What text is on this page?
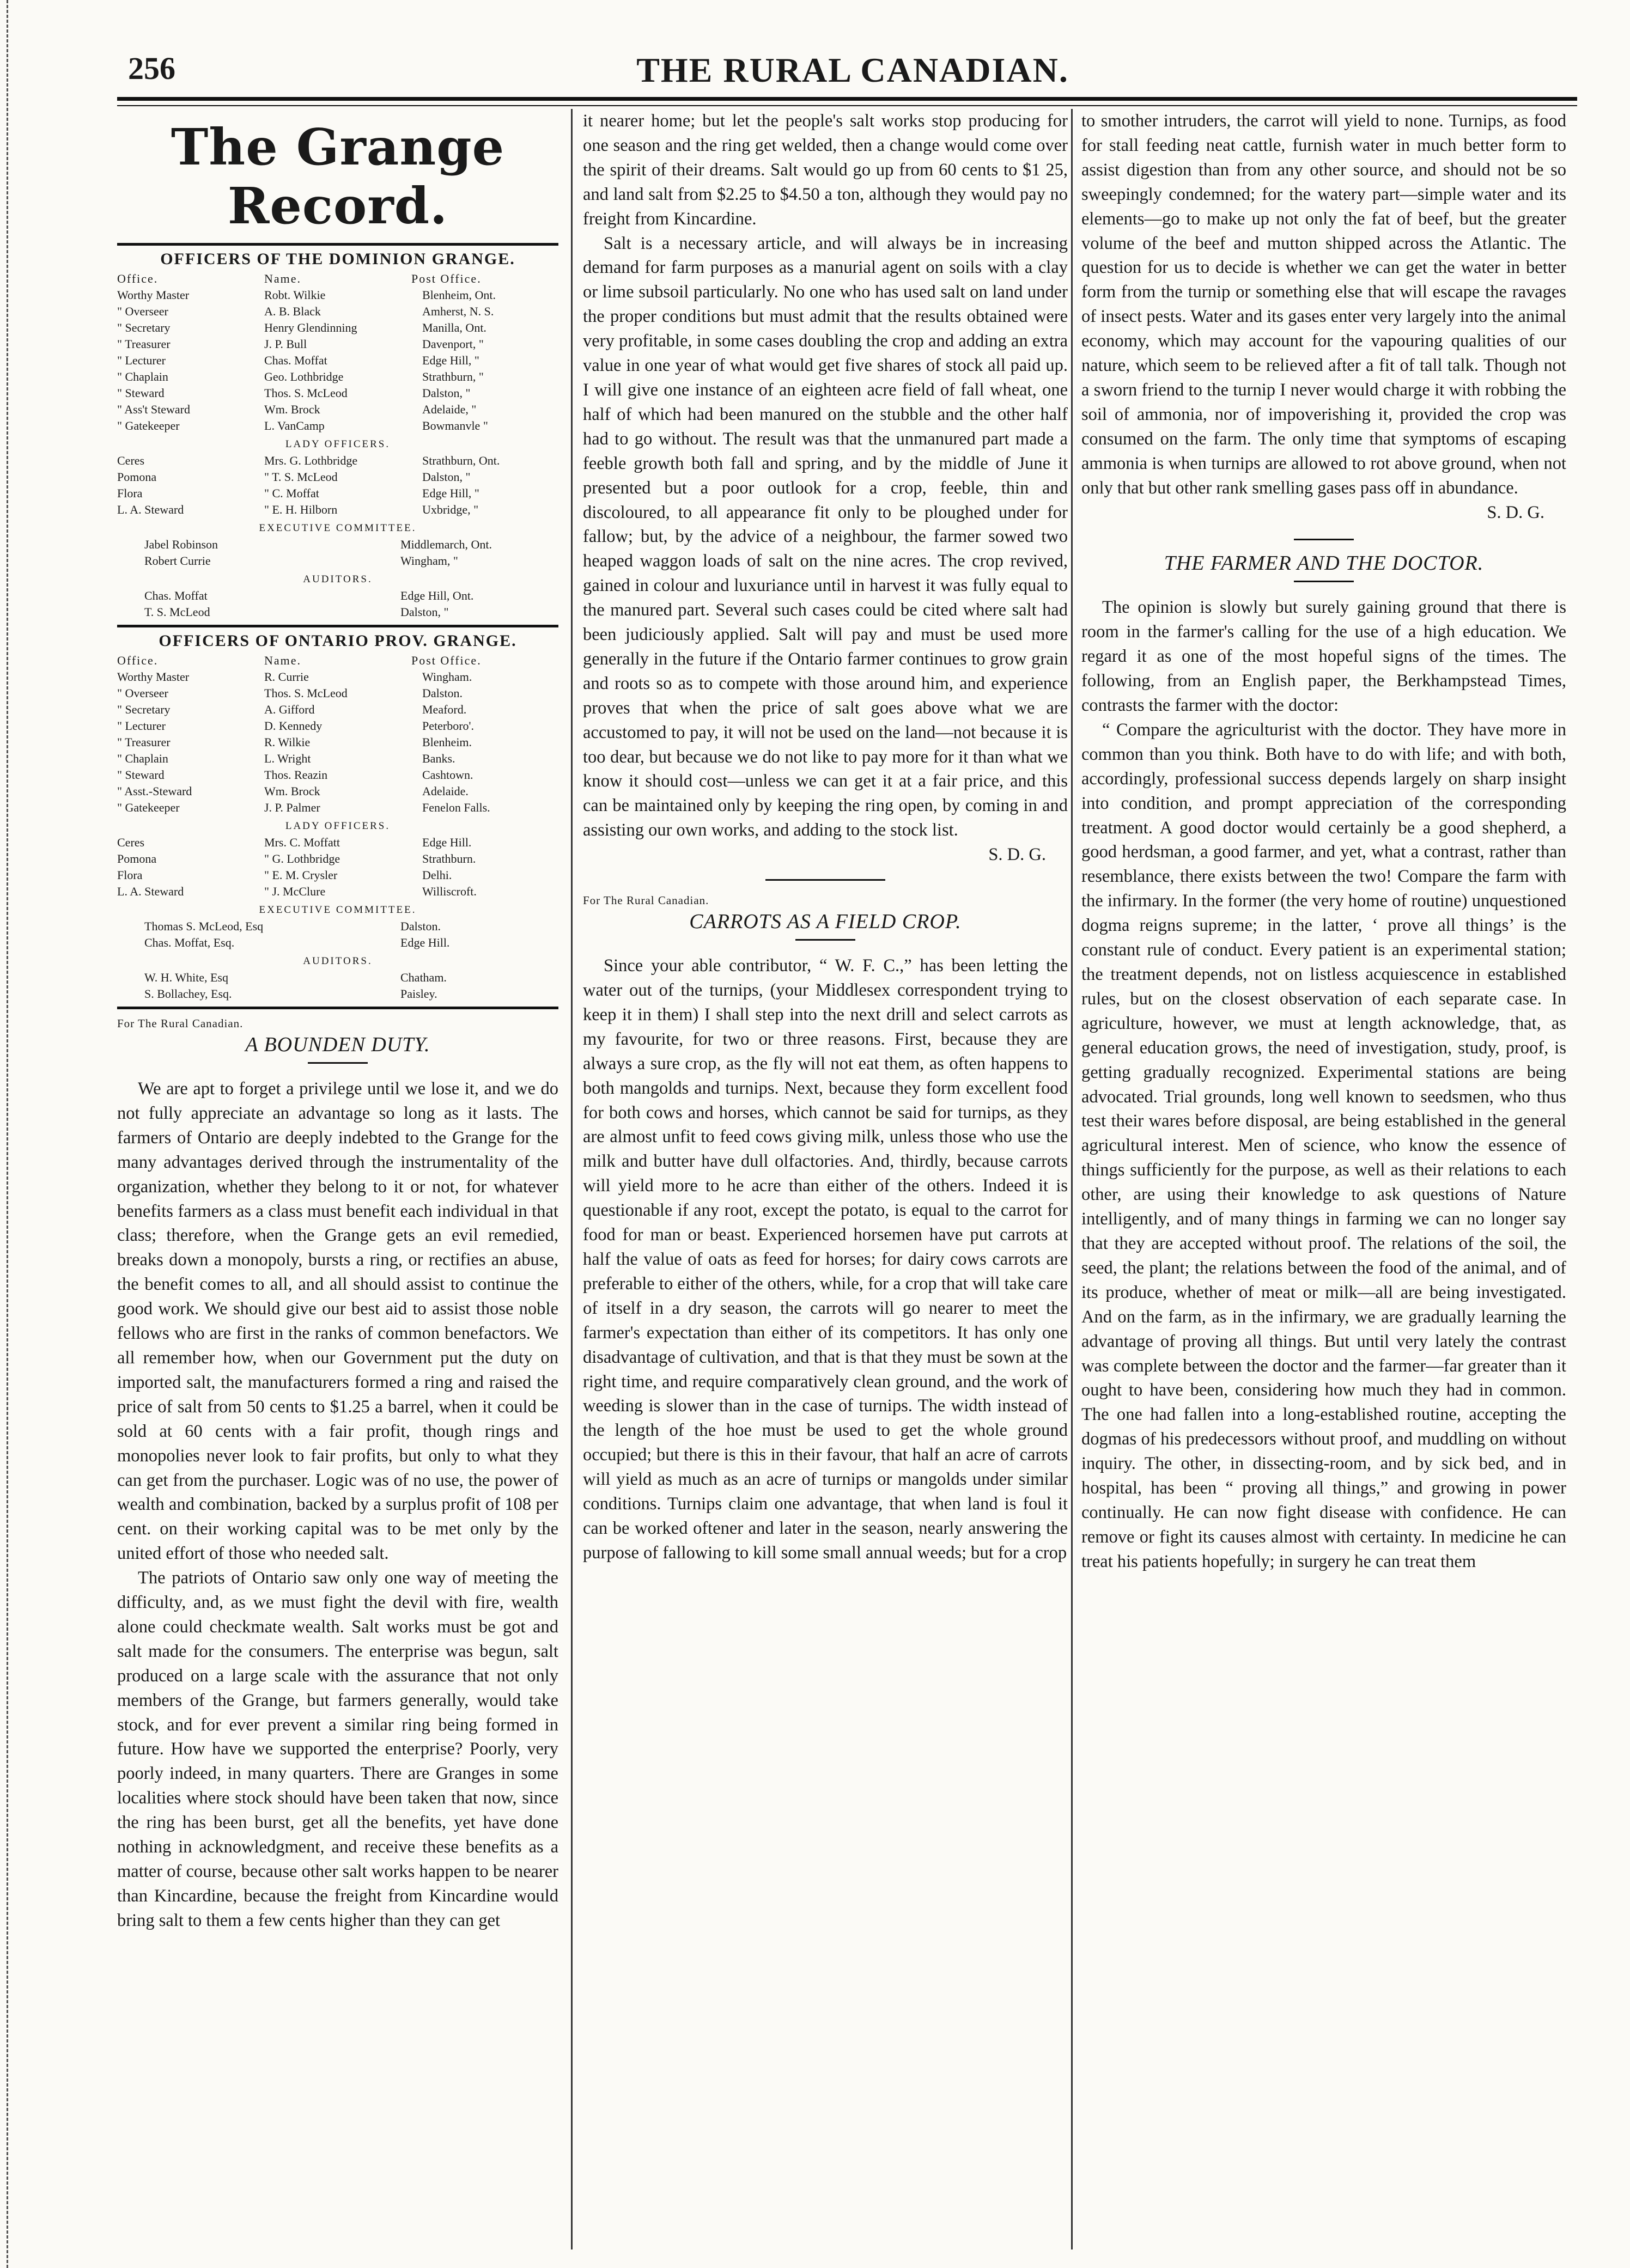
256	THE RURAL CANADIAN.
The Grange Record.
OFFICERS OF THE DOMINION GRANGE.
Office.	Name.	Post Office.
Worthy Master	Robt. Wilkie	Blenheim, Ont.
" Overseer	A. B. Black	Amherst, N. S.
" Secretary	Henry Glendinning	Manilla, Ont.
" Treasurer	J. P. Bull	Davenport, "
" Lecturer	Chas. Moffat	Edge Hill, "
" Chaplain	Geo. Lothbridge	Strathburn, "
" Steward	Thos. S. McLeod	Dalston, "
" Ass't Steward	Wm. Brock	Adelaide, "
" Gatekeeper	L. VanCamp	Bowmanvle "
LADY OFFICERS.
Ceres	Mrs. G. Lothbridge	Strathburn, Ont.
Pomona	" T. S. McLeod	Dalston, "
Flora	" C. Moffat	Edge Hill, "
L. A. Steward	" E. H. Hilborn	Uxbridge, "
EXECUTIVE COMMITTEE.
Jabel Robinson	Middlemarch, Ont.
Robert Currie	Wingham, "
AUDITORS.
Chas. Moffat	Edge Hill, Ont.
T. S. McLeod	Dalston, "
OFFICERS OF ONTARIO PROV. GRANGE.
Office.	Name.	Post Office.
Worthy Master	R. Currie	Wingham.
" Overseer	Thos. S. McLeod	Dalston.
" Secretary	A. Gifford	Meaford.
" Lecturer	D. Kennedy	Peterboro'.
" Treasurer	R. Wilkie	Blenheim.
" Chaplain	L. Wright	Banks.
" Steward	Thos. Reazin	Cashtown.
" Asst.-Steward	Wm. Brock	Adelaide.
" Gatekeeper	J. P. Palmer	Fenelon Falls.
LADY OFFICERS.
Ceres	Mrs. C. Moffatt	Edge Hill.
Pomona	" G. Lothbridge	Strathburn.
Flora	" E. M. Crysler	Delhi.
L. A. Steward	" J. McClure	Williscroft.
EXECUTIVE COMMITTEE.
Thomas S. McLeod, Esq	Dalston.
Chas. Moffat, Esq.	Edge Hill.
AUDITORS.
W. H. White, Esq	Chatham.
S. Bollachey, Esq.	Paisley.
For The Rural Canadian.
A BOUNDEN DUTY.

We are apt to forget a privilege until we lose it, and we do not fully appreciate an advantage so long as it lasts. The farmers of Ontario are deeply indebted to the Grange for the many advantages derived through the instrumentality of the organization, whether they belong to it or not, for whatever benefits farmers as a class must benefit each individual in that class; therefore, when the Grange gets an evil remedied, breaks down a monopoly, bursts a ring, or rectifies an abuse, the benefit comes to all, and all should assist to continue the good work. We should give our best aid to assist those noble fellows who are first in the ranks of common benefactors. We all remember how, when our Government put the duty on imported salt, the manufacturers formed a ring and raised the price of salt from 50 cents to $1.25 a barrel, when it could be sold at 60 cents with a fair profit, though rings and monopolies never look to fair profits, but only to what they can get from the purchaser. Logic was of no use, the power of wealth and combination, backed by a surplus profit of 108 per cent. on their working capital was to be met only by the united effort of those who needed salt.

The patriots of Ontario saw only one way of meeting the difficulty, and, as we must fight the devil with fire, wealth alone could checkmate wealth. Salt works must be got and salt made for the consumers. The enterprise was begun, salt produced on a large scale with the assurance that not only members of the Grange, but farmers generally, would take stock, and for ever prevent a similar ring being formed in future. How have we supported the enterprise? Poorly, very poorly indeed, in many quarters. There are Granges in some localities where stock should have been taken that now, since the ring has been burst, get all the benefits, yet have done nothing in acknowledgment, and receive these benefits as a matter of course, because other salt works happen to be nearer than Kincardine, because the freight from Kincardine would bring salt to them a few cents higher than they can get

it nearer home; but let the people's salt works stop producing for one season and the ring get welded, then a change would come over the spirit of their dreams. Salt would go up from 60 cents to $1 25, and land salt from $2.25 to $4.50 a ton, although they would pay no freight from Kincardine.

Salt is a necessary article, and will always be in increasing demand for farm purposes as a manurial agent on soils with a clay or lime subsoil particularly. No one who has used salt on land under the proper conditions but must admit that the results obtained were very profitable, in some cases doubling the crop and adding an extra value in one year of what would get five shares of stock all paid up. I will give one instance of an eighteen acre field of fall wheat, one half of which had been manured on the stubble and the other half had to go without. The result was that the unmanured part made a feeble growth both fall and spring, and by the middle of June it presented but a poor outlook for a crop, feeble, thin and discoloured, to all appearance fit only to be ploughed under for fallow; but, by the advice of a neighbour, the farmer sowed two heaped waggon loads of salt on the nine acres. The crop revived, gained in colour and luxuriance until in harvest it was fully equal to the manured part. Several such cases could be cited where salt had been judiciously applied. Salt will pay and must be used more generally in the future if the Ontario farmer continues to grow grain and roots so as to compete with those around him, and experience proves that when the price of salt goes above what we are accustomed to pay, it will not be used on the land—not because it is too dear, but because we do not like to pay more for it than what we know it should cost—unless we can get it at a fair price, and this can be maintained only by keeping the ring open, by coming in and assisting our own works, and adding to the stock list.
S. D. G.

For The Rural Canadian.
CARROTS AS A FIELD CROP.

Since your able contributor, “ W. F. C.,” has been letting the water out of the turnips, (your Middlesex correspondent trying to keep it in them) I shall step into the next drill and select carrots as my favourite, for two or three reasons. First, because they are always a sure crop, as the fly will not eat them, as often happens to both mangolds and turnips. Next, because they form excellent food for both cows and horses, which cannot be said for turnips, as they are almost unfit to feed cows giving milk, unless those who use the milk and butter have dull olfactories. And, thirdly, because carrots will yield more to he acre than either of the others. Indeed it is questionable if any root, except the potato, is equal to the carrot for food for man or beast. Experienced horsemen have put carrots at half the value of oats as feed for horses; for dairy cows carrots are preferable to either of the others, while, for a crop that will take care of itself in a dry season, the carrots will go nearer to meet the farmer's expectation than either of its competitors. It has only one disadvantage of cultivation, and that is that they must be sown at the right time, and require comparatively clean ground, and the work of weeding is slower than in the case of turnips. The width instead of the length of the hoe must be used to get the whole ground occupied; but there is this in their favour, that half an acre of carrots will yield as much as an acre of turnips or mangolds under similar conditions. Turnips claim one advantage, that when land is foul it can be worked oftener and later in the season, nearly answering the purpose of fallowing to kill some small annual weeds; but for a crop

to smother intruders, the carrot will yield to none. Turnips, as food for stall feeding neat cattle, furnish water in much better form to assist digestion than from any other source, and should not be so sweepingly condemned; for the watery part—simple water and its elements—go to make up not only the fat of beef, but the greater volume of the beef and mutton shipped across the Atlantic. The question for us to decide is whether we can get the water in better form from the turnip or something else that will escape the ravages of insect pests. Water and its gases enter very largely into the animal economy, which may account for the vapouring qualities of our nature, which seem to be relieved after a fit of tall talk. Though not a sworn friend to the turnip I never would charge it with robbing the soil of ammonia, nor of impoverishing it, provided the crop was consumed on the farm. The only time that symptoms of escaping ammonia is when turnips are allowed to rot above ground, when not only that but other rank smelling gases pass off in abundance.
S. D. G.

THE FARMER AND THE DOCTOR.

The opinion is slowly but surely gaining ground that there is room in the farmer's calling for the use of a high education. We regard it as one of the most hopeful signs of the times. The following, from an English paper, the Berkhampstead Times, contrasts the farmer with the doctor:

“ Compare the agriculturist with the doctor. They have more in common than you think. Both have to do with life; and with both, accordingly, professional success depends largely on sharp insight into condition, and prompt appreciation of the corresponding treatment. A good doctor would certainly be a good shepherd, a good herdsman, a good farmer, and yet, what a contrast, rather than resemblance, there exists between the two! Compare the farm with the infirmary. In the former (the very home of routine) unquestioned dogma reigns supreme; in the latter, ‘ prove all things’ is the constant rule of conduct. Every patient is an experimental station; the treatment depends, not on listless acquiescence in established rules, but on the closest observation of each separate case. In agriculture, however, we must at length acknowledge, that, as general education grows, the need of investigation, study, proof, is getting gradually recognized. Experimental stations are being advocated. Trial grounds, long well known to seedsmen, who thus test their wares before disposal, are being established in the general agricultural interest. Men of science, who know the essence of things sufficiently for the purpose, as well as their relations to each other, are using their knowledge to ask questions of Nature intelligently, and of many things in farming we can no longer say that they are accepted without proof. The relations of the soil, the seed, the plant; the relations between the food of the animal, and of its produce, whether of meat or milk—all are being investigated. And on the farm, as in the infirmary, we are gradually learning the advantage of proving all things. But until very lately the contrast was complete between the doctor and the farmer—far greater than it ought to have been, considering how much they had in common. The one had fallen into a long-established routine, accepting the dogmas of his predecessors without proof, and muddling on without inquiry. The other, in dissecting-room, and by sick bed, and in hospital, has been “ proving all things,” and growing in power continually. He can now fight disease with confidence. He can remove or fight its causes almost with certainty. In medicine he can treat his patients hopefully; in surgery he can treat them
